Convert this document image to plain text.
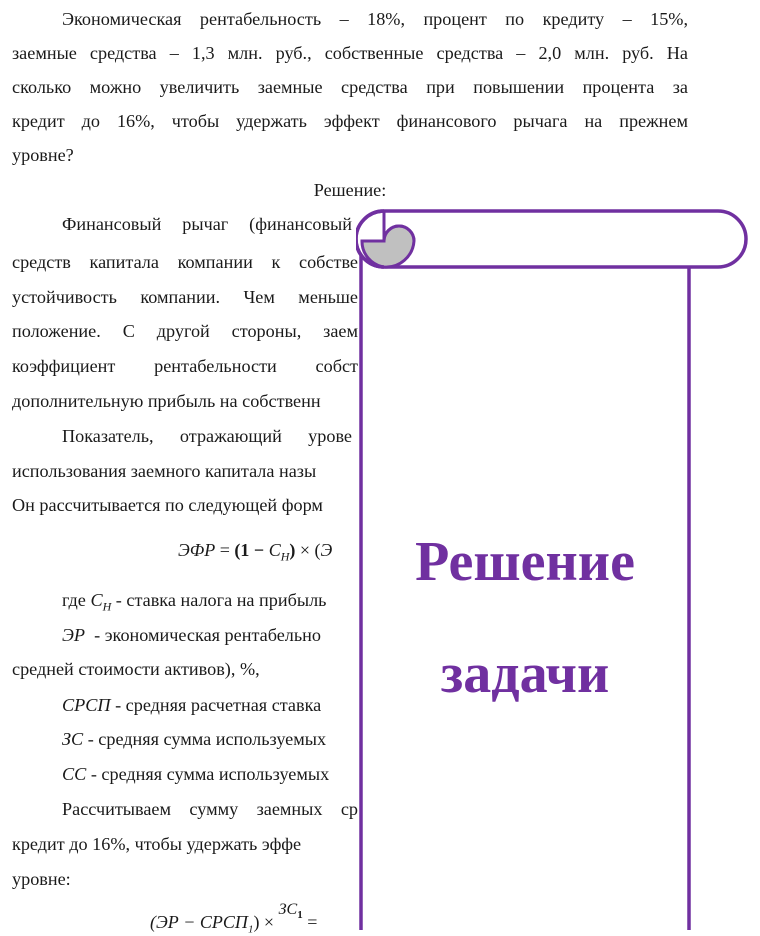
Экономическая рентабельность – 18%, процент по кредиту – 15%,
заемные средства – 1,3 млн. руб., собственные средства – 2,0 млн. руб. На
сколько можно увеличить заемные средства при повышении процента за
кредит до 16%, чтобы удержать эффект финансового рычага на прежнем
уровне?
Решение:
Финансовый рычаг (финансовый
средств капитала компании к собстве
устойчивость компании. Чем меньше
положение. С другой стороны, заем
коэффициент рентабельности собст
дополнительную прибыль на собственн
Показатель, отражающий урове
использования заемного капитала назы
Он рассчитывается по следующей форм
ЭФР = $(1 - C_H) \times (Э$
где $C_H$ - ставка налога на прибыль
ЭР - экономическая рентабельно
средней стоимости активов), %,
СРСП - средняя расчетная ставка
ЗС - средняя сумма используемых
СС - средняя сумма используемых
Рассчитываем сумму заемных ср
кредит до 16%, чтобы удержать эффе
уровне:
$(ЭР - СРСП_1) \times ЗС_1$ =
Решение
задачи
